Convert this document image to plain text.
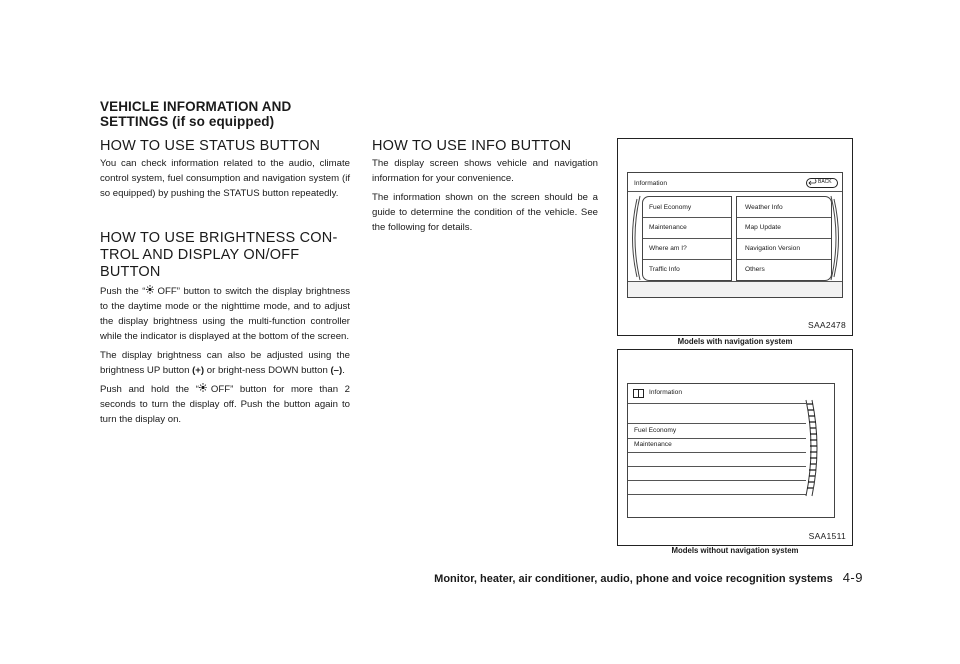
VEHICLE INFORMATION AND
SETTINGS (if so equipped)
HOW TO USE STATUS BUTTON

You can check information related to the audio, climate control system, fuel consumption and navigation system (if so equipped) by pushing the STATUS button repeatedly.

HOW TO USE BRIGHTNESS CON-
TROL AND DISPLAY ON/OFF BUTTON

Push the “ OFF” button to switch the display brightness to the daytime mode or the nighttime mode, and to adjust the display brightness using the multi-function controller while the indicator is displayed at the bottom of the screen.

The display brightness can also be adjusted using the brightness UP button (+) or bright-ness DOWN button (–).

Push and hold the “ OFF” button for more than 2 seconds to turn the display off. Push the button again to turn the display on.

HOW TO USE INFO BUTTON

The display screen shows vehicle and navigation information for your convenience.

The information shown on the screen should be a guide to determine the condition of the vehicle. See the following for details.

Information	BACK
Fuel Economy
Maintenance
Where am I?
Traffic Info
Weather Info
Map Update
Navigation Version
Others
SAA2478
Models with navigation system
Information
Fuel Economy
Maintenance
SAA1511
Models without navigation system
Monitor, heater, air conditioner, audio, phone and voice recognition systems 4-9
